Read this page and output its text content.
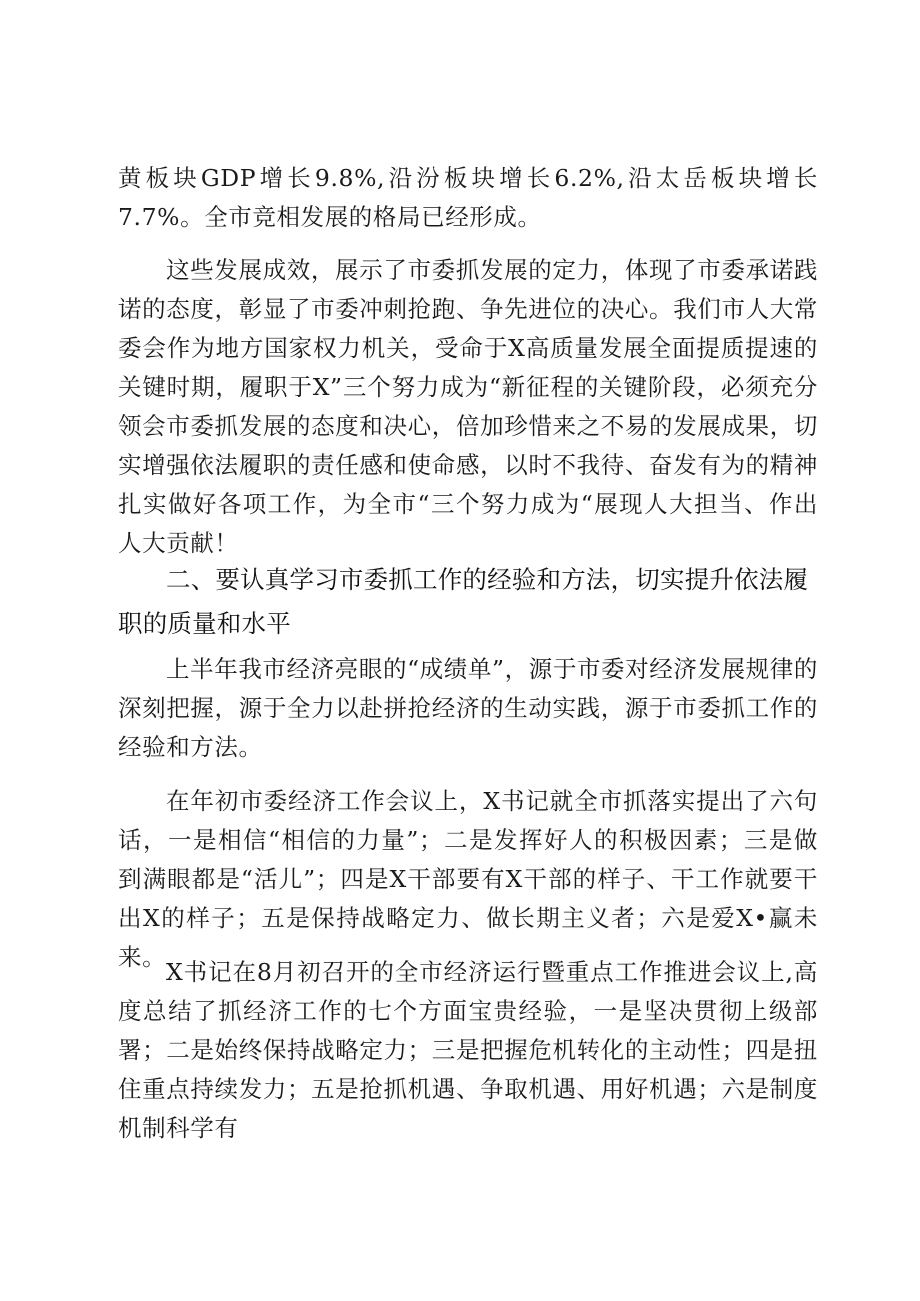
黄板块GDP增长9.8%,沿汾板块增长6.2%,沿太岳板块增长7.7%。全市竞相发展的格局已经形成。

这些发展成效，展示了市委抓发展的定力，体现了市委承诺践诺的态度，彰显了市委冲刺抢跑、争先进位的决心。我们市人大常委会作为地方国家权力机关，受命于X高质量发展全面提质提速的关键时期，履职于X”三个努力成为“新征程的关键阶段，必须充分领会市委抓发展的态度和决心，倍加珍惜来之不易的发展成果，切实增强依法履职的责任感和使命感，以时不我待、奋发有为的精神扎实做好各项工作，为全市“三个努力成为“展现人大担当、作出人大贡献！

二、要认真学习市委抓工作的经验和方法，切实提升依法履职的质量和水平

上半年我市经济亮眼的“成绩单”，源于市委对经济发展规律的深刻把握，源于全力以赴拼抢经济的生动实践，源于市委抓工作的经验和方法。

在年初市委经济工作会议上，X书记就全市抓落实提出了六句话，一是相信“相信的力量”；二是发挥好人的积极因素；三是做到满眼都是“活儿”；四是X干部要有X干部的样子、干工作就要干出X的样子；五是保持战略定力、做长期主义者；六是爱X•赢未来。

X书记在8月初召开的全市经济运行暨重点工作推进会议上,高度总结了抓经济工作的七个方面宝贵经验，一是坚决贯彻上级部署；二是始终保持战略定力；三是把握危机转化的主动性；四是扭住重点持续发力；五是抢抓机遇、争取机遇、用好机遇；六是制度机制科学有
